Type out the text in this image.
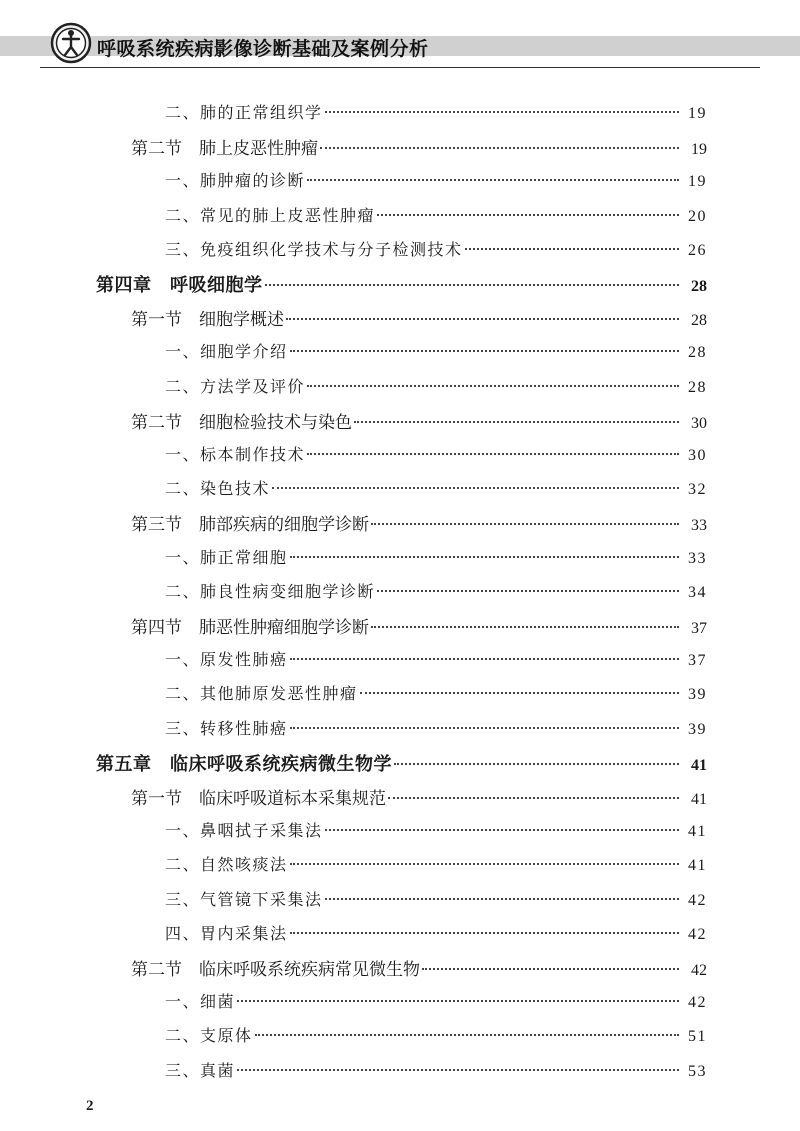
呼吸系统疾病影像诊断基础及案例分析
二、肺的正常组织学	19
第二节　肺上皮恶性肿瘤	19
一、肺肿瘤的诊断	19
二、常见的肺上皮恶性肿瘤	20
三、免疫组织化学技术与分子检测技术	26
第四章　呼吸细胞学	28
第一节　细胞学概述	28
一、细胞学介绍	28
二、方法学及评价	28
第二节　细胞检验技术与染色	30
一、标本制作技术	30
二、染色技术	32
第三节　肺部疾病的细胞学诊断	33
一、肺正常细胞	33
二、肺良性病变细胞学诊断	34
第四节　肺恶性肿瘤细胞学诊断	37
一、原发性肺癌	37
二、其他肺原发恶性肿瘤	39
三、转移性肺癌	39
第五章　临床呼吸系统疾病微生物学	41
第一节　临床呼吸道标本采集规范	41
一、鼻咽拭子采集法	41
二、自然咳痰法	41
三、气管镜下采集法	42
四、胃内采集法	42
第二节　临床呼吸系统疾病常见微生物	42
一、细菌	42
二、支原体	51
三、真菌	53
2
